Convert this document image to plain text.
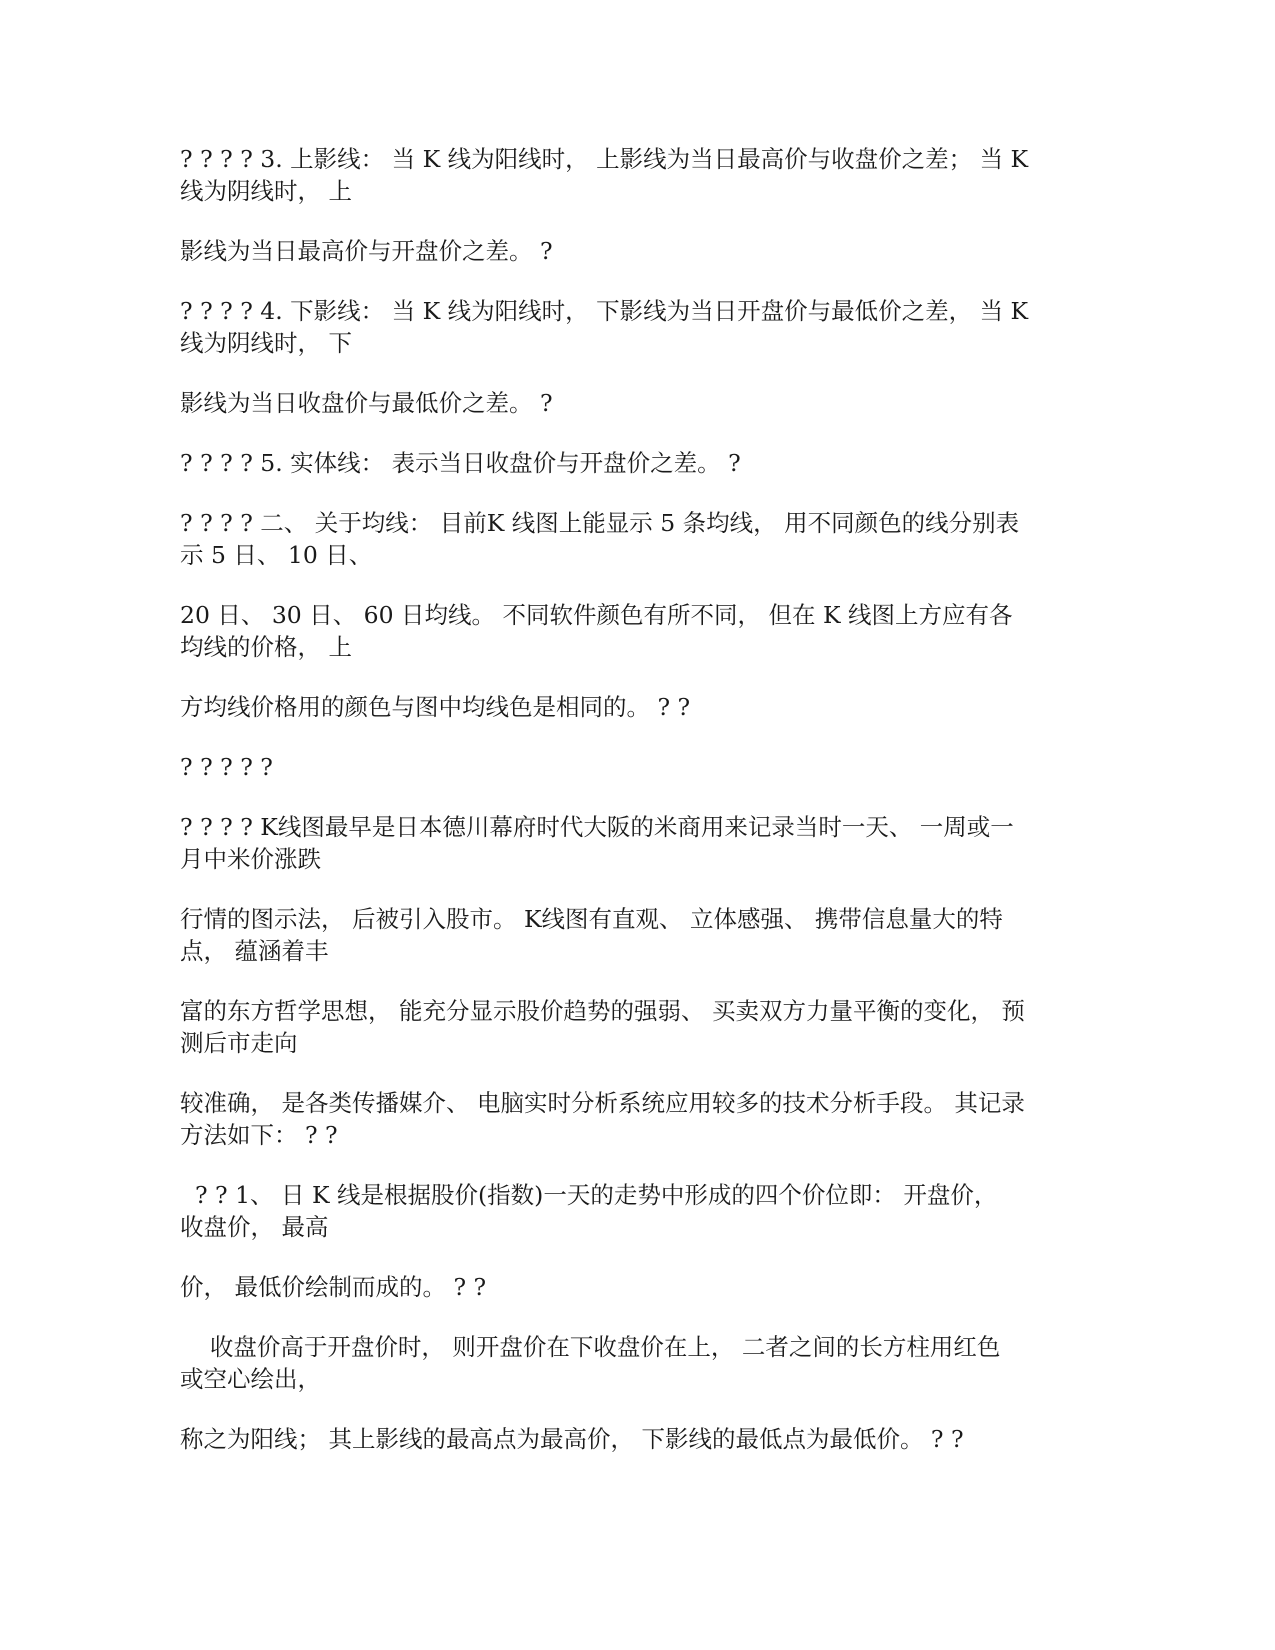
? ? ? ? 3. 上影线： 当 K 线为阳线时， 上影线为当日最高价与收盘价之差； 当 K
线为阴线时， 上

影线为当日最高价与开盘价之差。 ?

? ? ? ? 4. 下影线： 当 K 线为阳线时， 下影线为当日开盘价与最低价之差， 当 K
线为阴线时， 下

影线为当日收盘价与最低价之差。 ?

? ? ? ? 5. 实体线： 表示当日收盘价与开盘价之差。 ?

? ? ? ? 二、 关于均线： 目前K 线图上能显示 5 条均线， 用不同颜色的线分别表
示 5 日、 10 日、

20 日、 30 日、 60 日均线。 不同软件颜色有所不同， 但在 K 线图上方应有各
均线的价格， 上

方均线价格用的颜色与图中均线色是相同的。 ? ?

? ? ? ? ?

? ? ? ? K线图最早是日本德川幕府时代大阪的米商用来记录当时一天、 一周或一
月中米价涨跌

行情的图示法， 后被引入股市。 K线图有直观、 立体感强、 携带信息量大的特
点， 蕴涵着丰

富的东方哲学思想， 能充分显示股价趋势的强弱、 买卖双方力量平衡的变化， 预
测后市走向

较准确， 是各类传播媒介、 电脑实时分析系统应用较多的技术分析手段。 其记录
方法如下： ? ?

? ? 1、 日 K 线是根据股价(指数)一天的走势中形成的四个价位即： 开盘价，
收盘价， 最高

价， 最低价绘制而成的。 ? ?

收盘价高于开盘价时， 则开盘价在下收盘价在上， 二者之间的长方柱用红色
或空心绘出，

称之为阳线； 其上影线的最高点为最高价， 下影线的最低点为最低价。 ? ?
